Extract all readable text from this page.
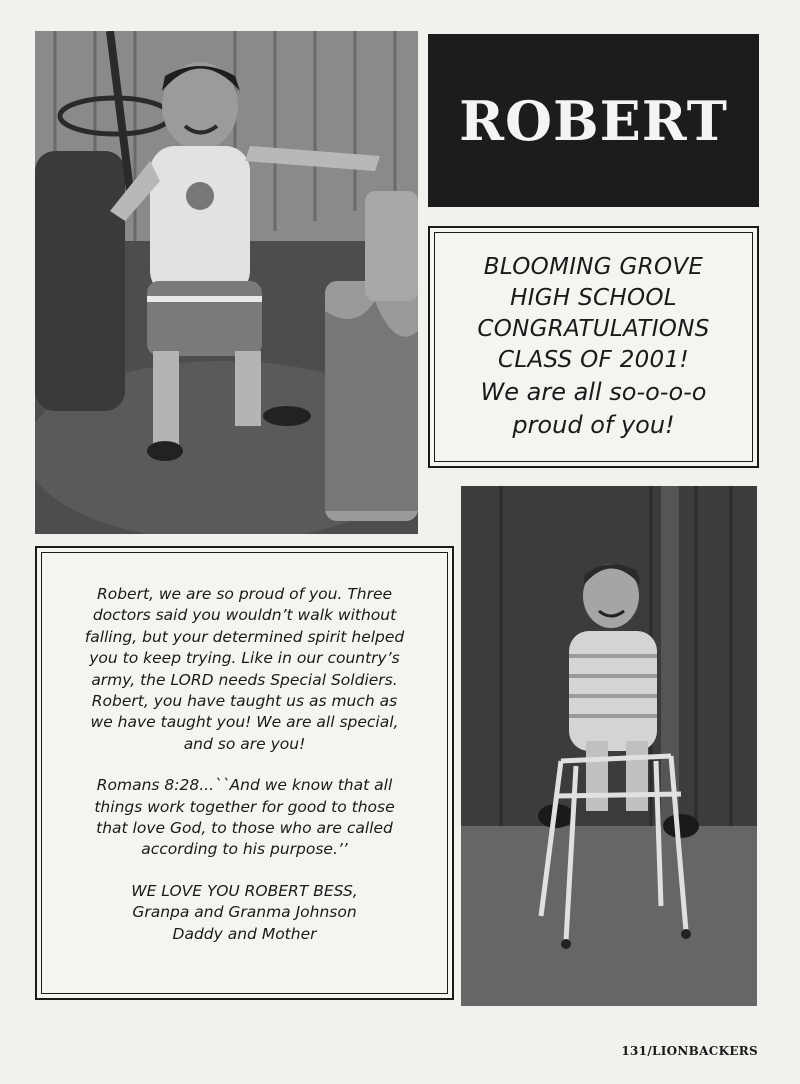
ROBERT
BLOOMING GROVE
HIGH SCHOOL
CONGRATULATIONS
CLASS OF 2001!
We are all so-o-o-o
proud of you!

Robert, we are so proud of you. Three
doctors said you wouldn’t walk without
falling, but your determined spirit helped
you to keep trying. Like in our country’s
army, the LORD needs Special Soldiers.
Robert, you have taught us as much as
we have taught you! We are all special,
and so are you!

Romans 8:28...``And we know that all
things work together for good to those
that love God, to those who are called
according to his purpose.’’

WE LOVE YOU ROBERT BESS,
Granpa and Granma Johnson
Daddy and Mother

131/LIONBACKERS
